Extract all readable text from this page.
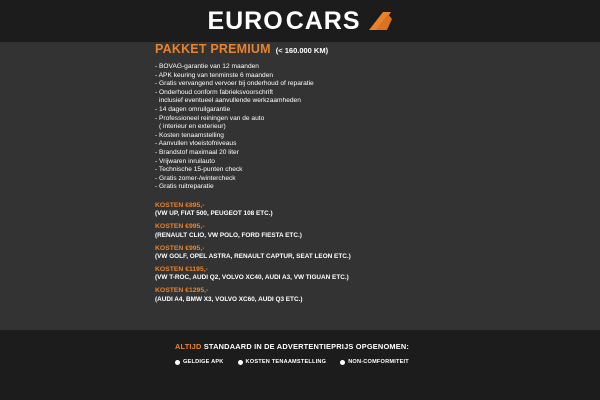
EURO CARS
PAKKET PREMIUM (< 160.000 KM)
- BOVAG-garantie van 12 maanden
- APK keuring van tenminste 6 maanden
- Gratis vervangend vervoer bij onderhoud of reparatie
- Onderhoud conform fabrieksvoorschrift
inclusief eventueel aanvullende werkzaamheden
- 14 dagen omruilgarantie
- Professioneel reiningen van de auto
( interieur en exterieur)
- Kosten tenaamstelling
- Aanvullen vloeistofniveaus
- Brandstof maximaal 20 liter
- Vrijwaren inruilauto
- Technische 15-punten check
- Gratis zomer-/wintercheck
- Gratis ruitreparatie
KOSTEN €895,-
(VW UP, FIAT 500, PEUGEOT 108 ETC.)
KOSTEN €995,-
(RENAULT CLIO, VW POLO, FORD FIESTA ETC.)
KOSTEN €995,-
(VW GOLF, OPEL ASTRA, RENAULT CAPTUR, SEAT LEON ETC.)
KOSTEN €1195,-
(VW T-ROC, AUDI Q2, VOLVO XC40, AUDI A3, VW TIGUAN ETC.)
KOSTEN €1295,-
(AUDI A4, BMW X3, VOLVO XC60, AUDI Q3 ETC.)
ALTIJD STANDAARD IN DE ADVERTENTIEPRIJS OPGENOMEN:
GELDIGE APK	KOSTEN TENAAMSTELLING	NON-COMFORMITEIT
